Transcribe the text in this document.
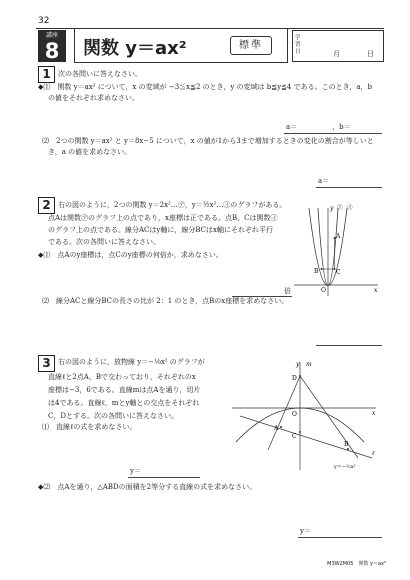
32
講座
8	関数 y＝ax²	標準
学習日	月	日
1	次の各問いに答えなさい。
◆⑴　関数 y＝ax² について，x の変域が −3≦x≦2 のとき，y の変域は b≦y≦4 である。このとき，a，b
の値をそれぞれ求めなさい。
a＝　　　　　，b＝
⑵　2つの関数 y＝ax² と y＝8x−5 について，x の値が1から3まで増加するときの変化の割合が等しいと
き，a の値を求めなさい。
a＝
2	右の図のように，2つの関数 y＝2x²…㋐，y＝½x²…㋑のグラフがある。
点Aは関数㋐のグラフ上の点であり，x座標は正である。点B，Cは関数㋑
のグラフ上の点である。線分ACはy軸に，線分BCはx軸にそれぞれ平行
である。次の各問いに答えなさい。
◆⑴　点Aのy座標は，点Cのy座標の何倍か，求めなさい。
倍
⑵　線分ACと線分BCの長さの比が 2：1 のとき，点Bのx座標を求めなさい。
x
y
O
A
B	C
㋐ ㋑
3	右の図のように，放物線 y＝−⅑x² のグラフが
直線ℓと2点A，Bで交わっており，それぞれのx
座標は−3，6である。直線mは点Aを通り，切片
は4である。直線ℓ，mとy軸との交点をそれぞれ
C，Dとする。次の各問いに答えなさい。
⑴　直線ℓの式を求めなさい。
y＝
◆⑵　点Aを通り，△ABDの面積を2等分する直線の式を求めなさい。
y＝
x
y m
O
A
B
C
D
ℓ
y＝−⅑x²
M3W2M05　関数 y＝ax²
